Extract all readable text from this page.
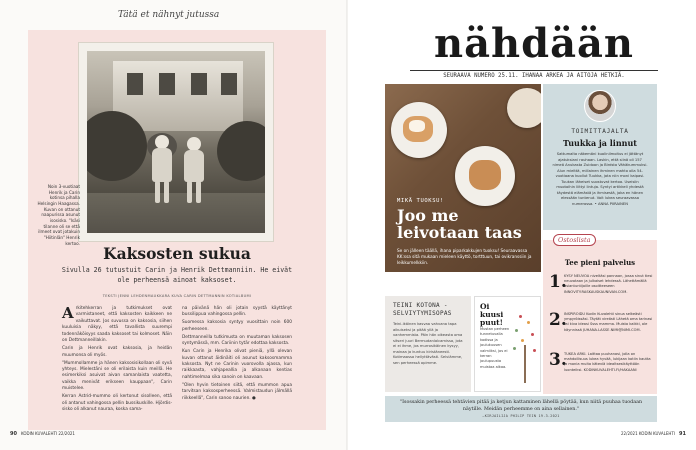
Tätä et nähnyt jutussa
Noin 3-vuotiaat Henrik ja Carin kotinsa pihalla Helsingin Haagassa. Kuvan on ottanut naapurissa asunut isosisko. "Isäsi tilanne oli se että ilmeet ovat jotakuin "Hiitinlän" Henrik kertoo.
Kaksosten sukua
Sivulla 26 tutustuit Carin ja Henrik Dettmanniin. He eivät ole perheensä ainoat kaksoset.
TEKSTI JENNI LEHDENMAUKKARA KUVA CARIN DETTMANNIN KOTIALBUMI

Arkitehkerran ja tutkimukset ovat varmistaneet, että kaksosten kaikkeen ne vaikuttavat. Jos suvussa on kaksosia, siihen kuuluisia näkyy, että tavallista suurempi todennäköisyys saada kaksoset tai kolmoset. Näin on Dettmanneillakin.

Carin ja Henrik ovat kaksosia, ja heidän muumonsa oli myös.

"Mummollamme ja hänen kaksosisikollaan oli syvä yhteys. Mielestäni se oli erilaista kuin meillä. He esimerkiksi asuivat aivan samanlaista vaatetta, vaikka menivät erikseen kauppaan", Carin muistelee.

Kerran Astrid-mummo oli kertonut sisolleen, että oli antanut vahingossa pellin bussikuskille. Hjördis-sisko oli alkanut nauraa, koska sama-

na päivänä hän oli jotain syystä käyttänyt bussilippua vahingossa pellin.

Suomessa kaksosia syntyy vuosittain noin 600 perheeseen.

Dettmanneilla tutkimusta on muutaman kaksosen syntymässä, mm. Cariinin tytär edottaa kaksosta.

Kun Carin ja Henrika olivat pieniä, yllä olevan kuvan ottanut äidinäiti oli asunut kaksosmamma kaksosta. Nyt ne Carinin vuorovolla ajassa, kun raikkaasta, vahjapeallia ja alkanaan kentias nahtimelmaa sika sanoin on kaavaan.

"Olen hyvin tietoinen siitä, että mummon apua tarvitsan kaksosperheessä. Valmistaudun jälmällä riikkeellä", Carin sanoo naurien. ●

90 KODIN KUVALEHTI 22/2021
nähdään
SEURAAVA NUMERO 25.11. IHANAA ARKEA JA AITOJA HETKIÄ.
MIKÄ TUOKSU!
Joo me leivotaan taas
Se on jälleen täällä, ihana piparkakkujen tuoksu! Seuraavassa KK:ssa sitä mukaan mieleen käyttö, tortttuun, tai ovikranssiin ja leikkumelkkiin.
TOIMITTAJALTA
Tuukka ja linnut
Sattumalta näkemäni kuolinilmoitus ei jättänyt ajatuksiani rauhaan. Laskin, että siinä oli 157 nimeä Anukasta Zuidoon ja Birdsto Vähäkummuksi. Alun mielttä, millainen ihminen mahto olla 54-vuotiaana kuollut Tuukka, jota niin moni kaipasi. Tuukan läheiset suostuvat kertoa. Useisiin muotoihin liittyi lintuja. Syntyi artikkeli yhdestä täydestä elämästä ja ihmisestä, joka en hänen elessään tuntenut. Voit lukea seuraavassa numerossa. • ANNA PIIRAINEN
Ostoslista
Tee pieni palvelus
1.
KYSY NEUVOA niveltäsi pannaan, jossa sinut tiesi neuvotaan ja julkaiset lehdessä. Lähettämällä asiantuntijoille osoitteeseen INNOVITY.RASKAUSKAUNIVAN.COM.
2.
INSPIROIDU Kodin Kuvalehti sinua selkeästi ympyröissäsi. Täytät vireästi Lähetä oma tarinasi tai kiva ideasi Ssss mamma. Muista kaikki, ole käynnissä JUHANA.LASSE.NIMI@NIMI.COM.
3.
TUKEA ARKI. Laittaa puuhanasi, jolla on mahdollisuus lukea hyvää, lukijaan kotiin kautta ja monia muita käteviä idealtsesikäyttöön luonteiksi. KODINKUVALEHTI.FI/HAKAANI
TEINI KOTONA - SELVIYTYMISOPAS
Teini-ikäinen kasvaa vahvana tapa aikuiseksi ja pitää yllä ja vanhemmista. Päin hän oikeasta oma sitseri juuri Bermudanlalcamissa, jota ei ei ihme, jos murrosikäinen kysyy, mainaa ja kuntuu kiristäneesti. Kotimaassa hellyttävästi. Selviämme, sen perheessä opimme.
Oi kuusi puut!
Mustan perheen tunnetuvalla kodissa ja joulukuusen valmiiksi, jos ei kerran joulupuusta muistaa alkaa.
"Isossakin perheessä tehtävien pitää ja ketjun kattaminen lähellä pöytää, kun niitä puuhaa tuodaan näytille. Meidän perheemme on aina sellainen."
—KIRJAILIJA PHILIP TEIN 19.3.2021
22/2021 KODIN KUVALEHTI 91
